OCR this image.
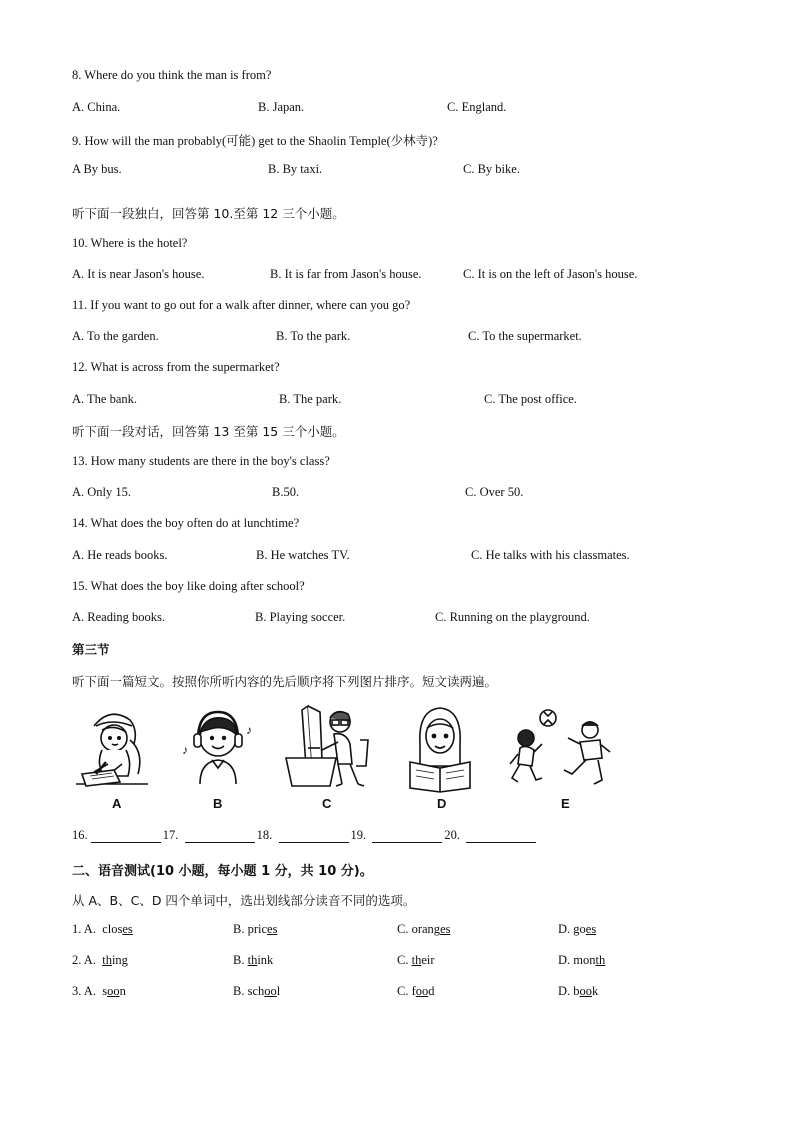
8. Where do you think the man is from?
A. China.	B. Japan.	C. England.
9. How will the man probably(可能) get to the Shaolin Temple(少林寺)?
A By bus.	B. By taxi.	C. By bike.
听下面一段独白，回答第 10.至第 12 三个小题。
10. Where is the hotel?
A. It is near Jason's house.	B. It is far from Jason's house.	C. It is on the left of Jason's house.
11. If you want to go out for a walk after dinner, where can you go?
A. To the garden.	B. To the park.	C. To the supermarket.
12. What is across from the supermarket?
A. The bank.	B. The park.	C. The post office.
听下面一段对话，回答第 13 至第 15 三个小题。
13. How many students are there in the boy's class?
A. Only 15.	B.50.	C. Over 50.
14. What does the boy often do at lunchtime?
A. He reads books.	B. He watches TV.	C. He talks with his classmates.
15. What does the boy like doing after school?
A. Reading books.	B. Playing soccer.	C. Running on the playground.
第三节
听下面一篇短文。按照你所听内容的先后顺序将下列图片排序。短文读两遍。
♪
♪
A	B	C	D	E
16.	17.	18.	19.	20.
二、语音测试(10 小题，每小题 1 分，共 10 分)。
从 A、B、C、D 四个单词中，选出划线部分读音不同的选项。
1. A. closes	B. prices	C. oranges	D. goes
2. A. thing	B. think	C. their	D. month
3. A. soon	B. school	C. food	D. book
